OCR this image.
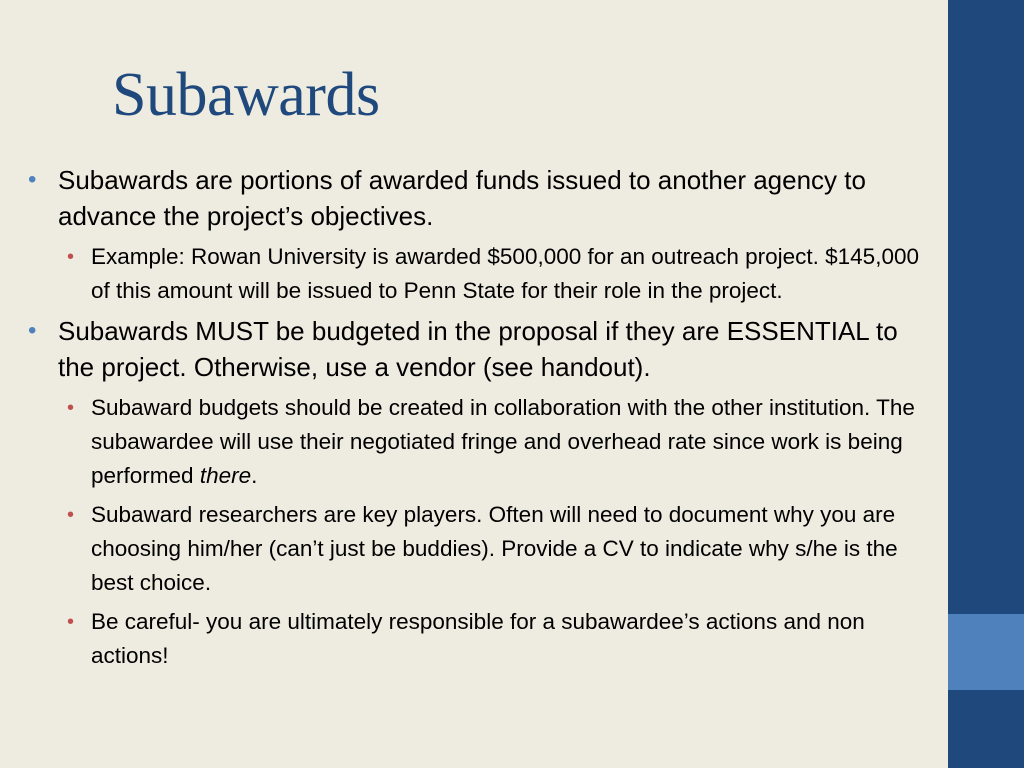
Subawards
• Subawards are portions of awarded funds issued to another agency to advance the project’s objectives.
• Example: Rowan University is awarded $500,000 for an outreach project. $145,000 of this amount will be issued to Penn State for their role in the project.
• Subawards MUST be budgeted in the proposal if they are ESSENTIAL to the project. Otherwise, use a vendor (see handout).
• Subaward budgets should be created in collaboration with the other institution. The subawardee will use their negotiated fringe and overhead rate since work is being performed there.
• Subaward researchers are key players. Often will need to document why you are choosing him/her (can’t just be buddies). Provide a CV to indicate why s/he is the best choice.
• Be careful- you are ultimately responsible for a subawardee’s actions and non actions!
